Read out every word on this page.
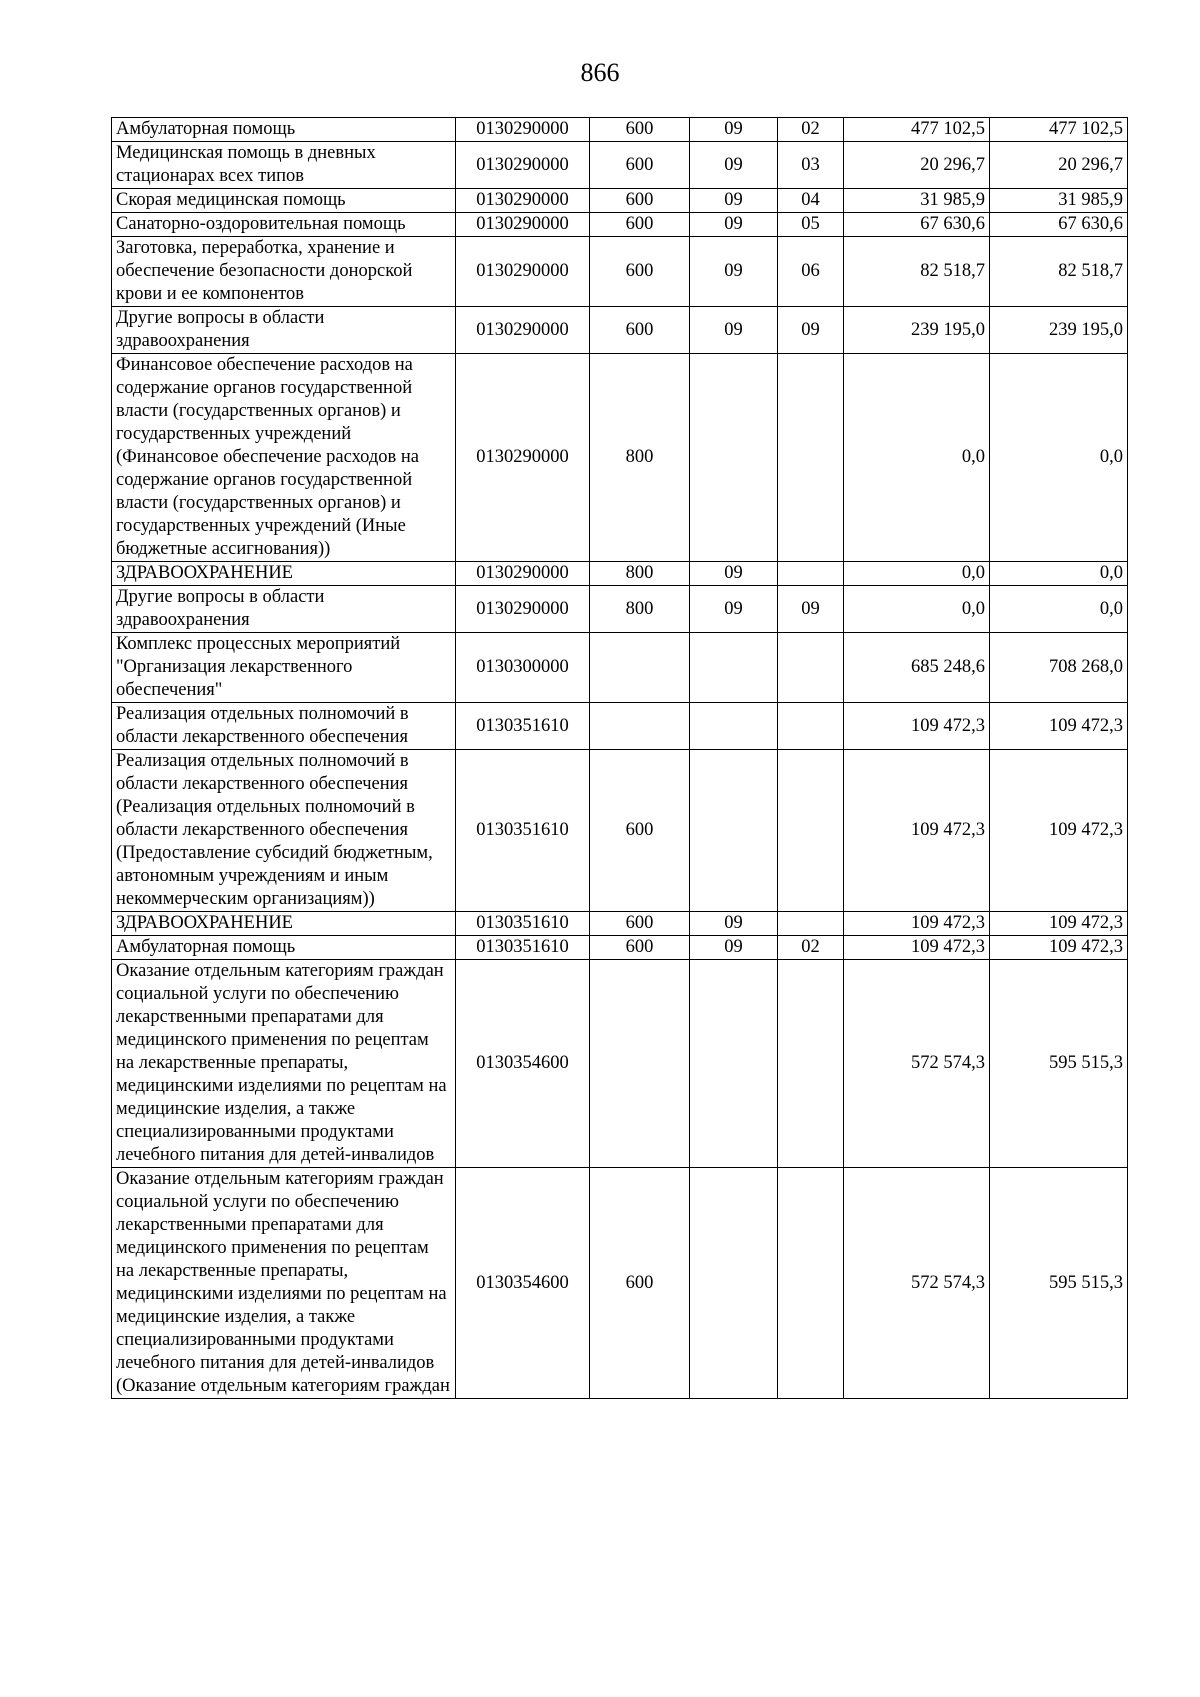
866
Амбулаторная помощь	0130290000	600	09	02	477 102,5	477 102,5
Медицинская помощь в дневных стационарах всех типов	0130290000	600	09	03	20 296,7	20 296,7
Скорая медицинская помощь	0130290000	600	09	04	31 985,9	31 985,9
Санаторно-оздоровительная помощь	0130290000	600	09	05	67 630,6	67 630,6
Заготовка, переработка, хранение и обеспечение безопасности донорской крови и ее компонентов	0130290000	600	09	06	82 518,7	82 518,7
Другие вопросы в области здравоохранения	0130290000	600	09	09	239 195,0	239 195,0
Финансовое обеспечение расходов на содержание органов государственной власти (государственных органов) и государственных учреждений (Финансовое обеспечение расходов на содержание органов государственной власти (государственных органов) и государственных учреждений (Иные бюджетные ассигнования))	0130290000	800			0,0	0,0
ЗДРАВООХРАНЕНИЕ	0130290000	800	09		0,0	0,0
Другие вопросы в области здравоохранения	0130290000	800	09	09	0,0	0,0
Комплекс процессных мероприятий "Организация лекарственного обеспечения"	0130300000				685 248,6	708 268,0
Реализация отдельных полномочий в области лекарственного обеспечения	0130351610				109 472,3	109 472,3
Реализация отдельных полномочий в области лекарственного обеспечения (Реализация отдельных полномочий в области лекарственного обеспечения (Предоставление субсидий бюджетным, автономным учреждениям и иным некоммерческим организациям))	0130351610	600			109 472,3	109 472,3
ЗДРАВООХРАНЕНИЕ	0130351610	600	09		109 472,3	109 472,3
Амбулаторная помощь	0130351610	600	09	02	109 472,3	109 472,3
Оказание отдельным категориям граждан социальной услуги по обеспечению лекарственными препаратами для медицинского применения по рецептам на лекарственные препараты, медицинскими изделиями по рецептам на медицинские изделия, а также специализированными продуктами лечебного питания для детей-инвалидов	0130354600				572 574,3	595 515,3
Оказание отдельным категориям граждан социальной услуги по обеспечению лекарственными препаратами для медицинского применения по рецептам на лекарственные препараты, медицинскими изделиями по рецептам на медицинские изделия, а также специализированными продуктами лечебного питания для детей-инвалидов (Оказание отдельным категориям граждан	0130354600	600			572 574,3	595 515,3
